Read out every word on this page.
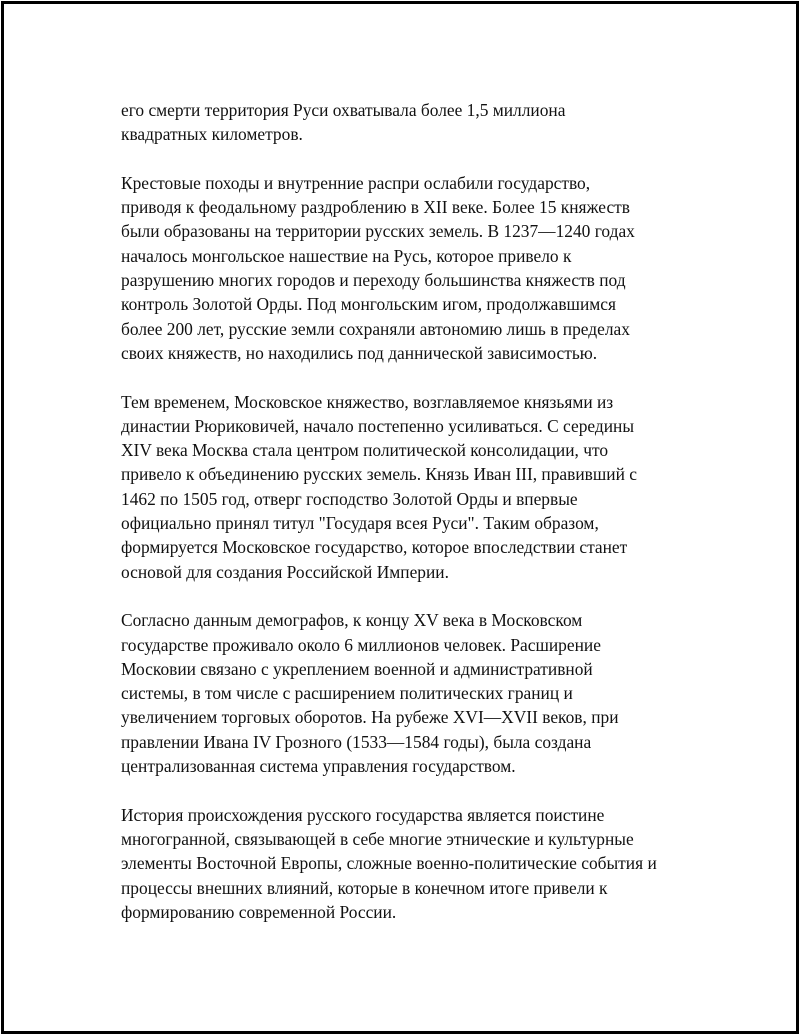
его смерти территория Руси охватывала более 1,5 миллиона
квадратных километров.

Крестовые походы и внутренние распри ослабили государство,
приводя к феодальному раздроблению в XII веке. Более 15 княжеств
были образованы на территории русских земель. В 1237—1240 годах
началось монгольское нашествие на Русь, которое привело к
разрушению многих городов и переходу большинства княжеств под
контроль Золотой Орды. Под монгольским игом, продолжавшимся
более 200 лет, русские земли сохраняли автономию лишь в пределах
своих княжеств, но находились под даннической зависимостью.

Тем временем, Московское княжество, возглавляемое князьями из
династии Рюриковичей, начало постепенно усиливаться. С середины
XIV века Москва стала центром политической консолидации, что
привело к объединению русских земель. Князь Иван III, правивший с
1462 по 1505 год, отверг господство Золотой Орды и впервые
официально принял титул "Государя всея Руси". Таким образом,
формируется Московское государство, которое впоследствии станет
основой для создания Российской Империи.

Согласно данным демографов, к концу XV века в Московском
государстве проживало около 6 миллионов человек. Расширение
Московии связано с укреплением военной и административной
системы, в том числе с расширением политических границ и
увеличением торговых оборотов. На рубеже XVI—XVII веков, при
правлении Ивана IV Грозного (1533—1584 годы), была создана
централизованная система управления государством.

История происхождения русского государства является поистине
многогранной, связывающей в себе многие этнические и культурные
элементы Восточной Европы, сложные военно-политические события и
процессы внешних влияний, которые в конечном итоге привели к
формированию современной России.
